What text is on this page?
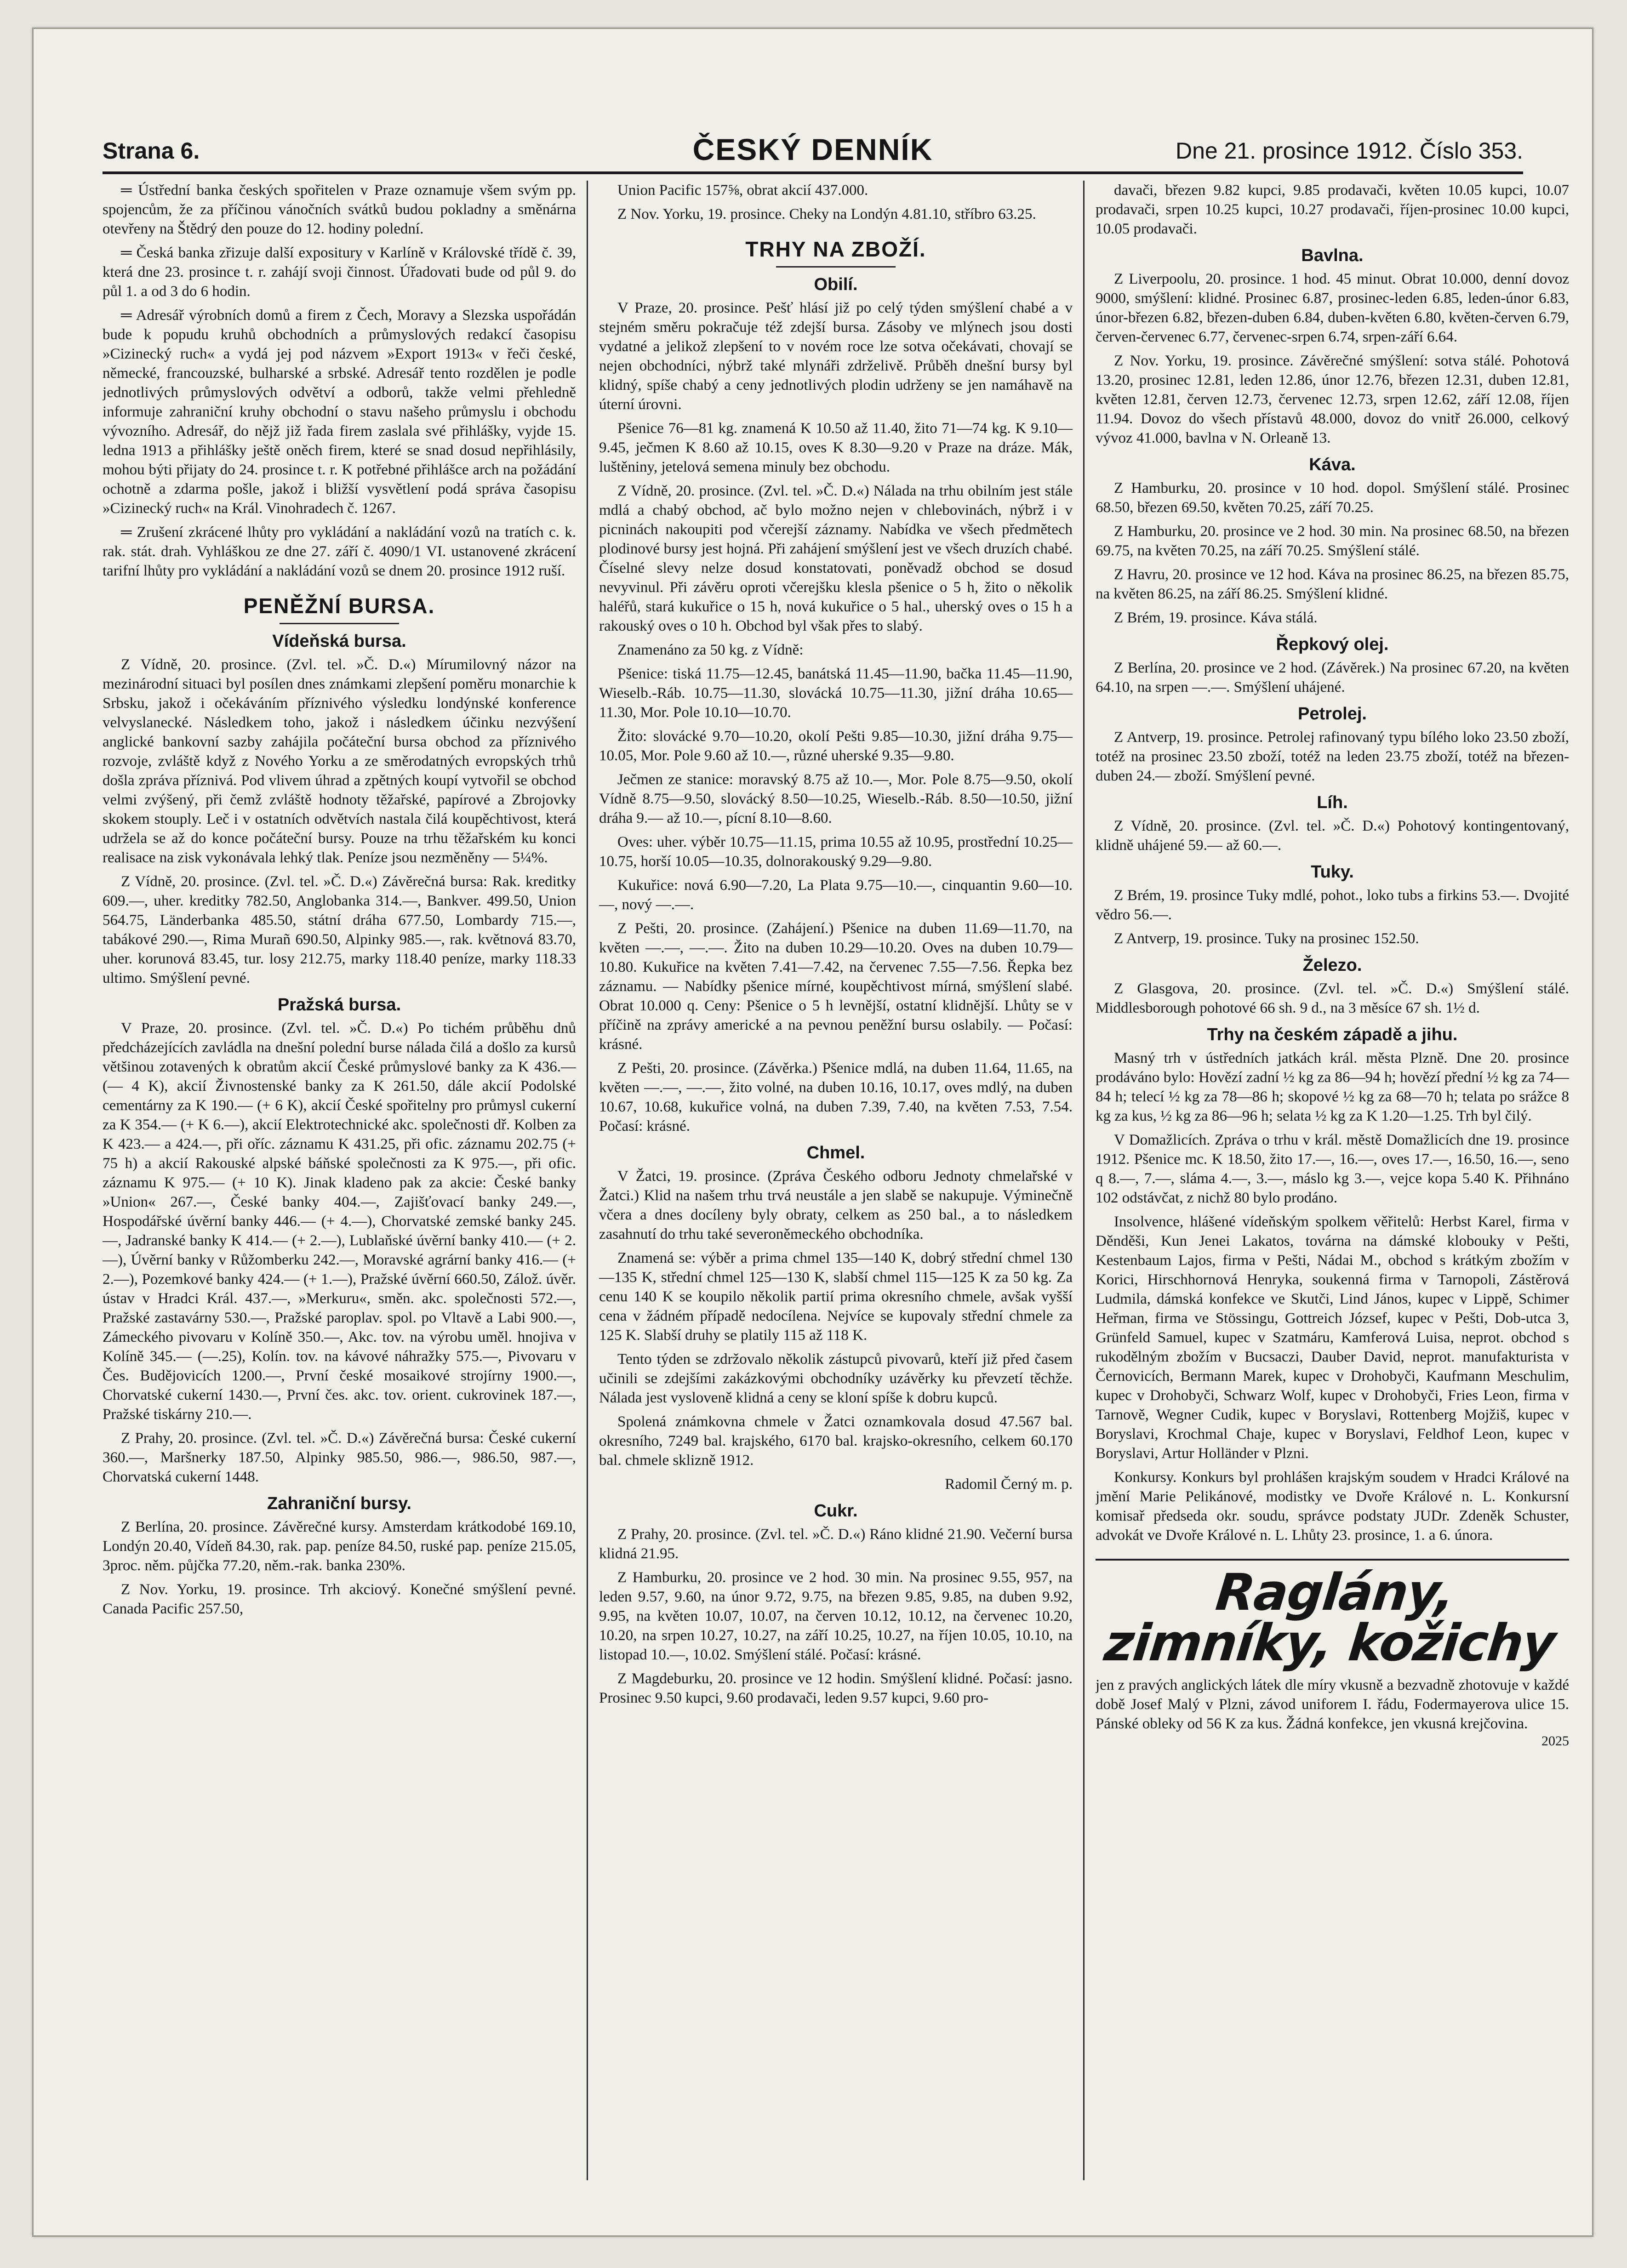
Strana 6.	ČESKÝ DENNÍK	Dne 21. prosince 1912. Číslo 353.

═ Ústřední banka českých spořitelen v Praze oznamuje všem svým pp. spojencům, že za příčinou vánočních svátků budou pokladny a směnárna otevřeny na Štědrý den pouze do 12. hodiny polední.

═ Česká banka zřizuje další expositury v Karlíně v Královské třídě č. 39, která dne 23. prosince t. r. zahájí svoji činnost. Úřadovati bude od půl 9. do půl 1. a od 3 do 6 hodin.

═ Adresář výrobních domů a firem z Čech, Moravy a Slezska uspořádán bude k popudu kruhů obchodních a průmyslových redakcí časopisu »Cizinecký ruch« a vydá jej pod názvem »Export 1913« v řeči české, německé, francouzské, bulharské a srbské. Adresář tento rozdělen je podle jednotlivých průmyslových odvětví a odborů, takže velmi přehledně informuje zahraniční kruhy obchodní o stavu našeho průmyslu i obchodu vývozního. Adresář, do nějž již řada firem zaslala své přihlášky, vyjde 15. ledna 1913 a přihlášky ještě oněch firem, které se snad dosud nepřihlásily, mohou býti přijaty do 24. prosince t. r. K potřebné přihlášce arch na požádání ochotně a zdarma pošle, jakož i bližší vysvětlení podá správa časopisu »Cizinecký ruch« na Král. Vinohradech č. 1267.

═ Zrušení zkrácené lhůty pro vykládání a nakládání vozů na tratích c. k. rak. stát. drah. Vyhláškou ze dne 27. září č. 4090/1 VI. ustanovené zkrácení tarifní lhůty pro vykládání a nakládání vozů se dnem 20. prosince 1912 ruší.

PENĚŽNÍ BURSA.
Vídeňská bursa.

Z Vídně, 20. prosince. (Zvl. tel. »Č. D.«) Mírumilovný názor na mezinárodní situaci byl posílen dnes známkami zlepšení poměru monarchie k Srbsku, jakož i očekáváním příznivého výsledku londýnské konference velvyslanecké. Následkem toho, jakož i následkem účinku nezvýšení anglické bankovní sazby zahájila počáteční bursa obchod za příznivého rozvoje, zvláště když z Nového Yorku a ze směrodatných evropských trhů došla zpráva příznivá. Pod vlivem úhrad a zpětných koupí vytvořil se obchod velmi zvýšený, při čemž zvláště hodnoty těžařské, papírové a Zbrojovky skokem stouply. Leč i v ostatních odvětvích nastala čilá koupěchtivost, která udržela se až do konce počáteční bursy. Pouze na trhu těžařském ku konci realisace na zisk vykonávala lehký tlak. Peníze jsou nezměněny — 5¼%.

Z Vídně, 20. prosince. (Zvl. tel. »Č. D.«) Závěrečná bursa: Rak. kreditky 609.—, uher. kreditky 782.50, Anglobanka 314.—, Bankver. 499.50, Union 564.75, Länderbanka 485.50, státní dráha 677.50, Lombardy 715.—, tabákové 290.—, Rima Murañ 690.50, Alpinky 985.—, rak. květnová 83.70, uher. korunová 83.45, tur. losy 212.75, marky 118.40 peníze, marky 118.33 ultimo. Smýšlení pevné.

Pražská bursa.

V Praze, 20. prosince. (Zvl. tel. »Č. D.«) Po tichém průběhu dnů předcházejících zavládla na dnešní polední burse nálada čilá a došlo za kursů většinou zotavených k obratům akcií České průmyslové banky za K 436.— (— 4 K), akcií Živnostenské banky za K 261.50, dále akcií Podolské cementárny za K 190.— (+ 6 K), akcií České spořitelny pro průmysl cukerní za K 354.— (+ K 6.—), akcií Elektrotechnické akc. společnosti dř. Kolben za K 423.— a 424.—, při oříc. záznamu K 431.25, při ofic. záznamu 202.75 (+ 75 h) a akcií Rakouské alpské báňské společnosti za K 975.—, při ofic. záznamu K 975.— (+ 10 K). Jinak kladeno pak za akcie: České banky »Union« 267.—, České banky 404.—, Zajišťovací banky 249.—, Hospodářské úvěrní banky 446.— (+ 4.—), Chorvatské zemské banky 245.—, Jadranské banky K 414.— (+ 2.—), Lublaňské úvěrní banky 410.— (+ 2.—), Úvěrní banky v Růžomberku 242.—, Moravské agrární banky 416.— (+ 2.—), Pozemkové banky 424.— (+ 1.—), Pražské úvěrní 660.50, Zálož. úvěr. ústav v Hradci Král. 437.—, »Merkuru«, směn. akc. společnosti 572.—, Pražské zastavárny 530.—, Pražské paroplav. spol. po Vltavě a Labi 900.—, Zámeckého pivovaru v Kolíně 350.—, Akc. tov. na výrobu uměl. hnojiva v Kolíně 345.— (—.25), Kolín. tov. na kávové náhražky 575.—, Pivovaru v Čes. Budějovicích 1200.—, První české mosaikové strojírny 1900.—, Chorvatské cukerní 1430.—, První čes. akc. tov. orient. cukrovinek 187.—, Pražské tiskárny 210.—.

Z Prahy, 20. prosince. (Zvl. tel. »Č. D.«) Závěrečná bursa: České cukerní 360.—, Maršnerky 187.50, Alpinky 985.50, 986.—, 986.50, 987.—, Chorvatská cukerní 1448.

Zahraniční bursy.

Z Berlína, 20. prosince. Závěrečné kursy. Amsterdam krátkodobé 169.10, Londýn 20.40, Vídeň 84.30, rak. pap. peníze 84.50, ruské pap. peníze 215.05, 3proc. něm. půjčka 77.20, něm.-rak. banka 230%.

Z Nov. Yorku, 19. prosince. Trh akciový. Konečné smýšlení pevné. Canada Pacific 257.50,

Union Pacific 157⅝, obrat akcií 437.000.

Z Nov. Yorku, 19. prosince. Cheky na Londýn 4.81.10, stříbro 63.25.

TRHY NA ZBOŽÍ.
Obilí.

V Praze, 20. prosince. Pešť hlásí již po celý týden smýšlení chabé a v stejném směru pokračuje též zdejší bursa. Zásoby ve mlýnech jsou dosti vydatné a jelikož zlepšení to v novém roce lze sotva očekávati, chovají se nejen obchodníci, nýbrž také mlynáři zdrželivě. Průběh dnešní bursy byl klidný, spíše chabý a ceny jednotlivých plodin udrženy se jen namáhavě na úterní úrovni.

Pšenice 76—81 kg. znamená K 10.50 až 11.40, žito 71—74 kg. K 9.10—9.45, ječmen K 8.60 až 10.15, oves K 8.30—9.20 v Praze na dráze. Mák, luštěniny, jetelová semena minuly bez obchodu.

Z Vídně, 20. prosince. (Zvl. tel. »Č. D.«) Nálada na trhu obilním jest stále mdlá a chabý obchod, ač bylo možno nejen v chlebovinách, nýbrž i v picninách nakoupiti pod včerejší záznamy. Nabídka ve všech předmětech plodinové bursy jest hojná. Při zahájení smýšlení jest ve všech druzích chabé. Číselné slevy nelze dosud konstatovati, poněvadž obchod se dosud nevyvinul. Při závěru oproti včerejšku klesla pšenice o 5 h, žito o několik haléřů, stará kukuřice o 15 h, nová kukuřice o 5 hal., uherský oves o 15 h a rakouský oves o 10 h. Obchod byl však přes to slabý.

Znamenáno za 50 kg. z Vídně:

Pšenice: tiská 11.75—12.45, banátská 11.45—11.90, bačka 11.45—11.90, Wieselb.-Ráb. 10.75—11.30, slovácká 10.75—11.30, jižní dráha 10.65—11.30, Mor. Pole 10.10—10.70.

Žito: slovácké 9.70—10.20, okolí Pešti 9.85—10.30, jižní dráha 9.75—10.05, Mor. Pole 9.60 až 10.—, různé uherské 9.35—9.80.

Ječmen ze stanice: moravský 8.75 až 10.—, Mor. Pole 8.75—9.50, okolí Vídně 8.75—9.50, slovácký 8.50—10.25, Wieselb.-Ráb. 8.50—10.50, jižní dráha 9.— až 10.—, pícní 8.10—8.60.

Oves: uher. výběr 10.75—11.15, prima 10.55 až 10.95, prostřední 10.25—10.75, horší 10.05—10.35, dolnorakouský 9.29—9.80.

Kukuřice: nová 6.90—7.20, La Plata 9.75—10.—, cinquantin 9.60—10.—, nový —.—.

Z Pešti, 20. prosince. (Zahájení.) Pšenice na duben 11.69—11.70, na květen —.—, —.—. Žito na duben 10.29—10.20. Oves na duben 10.79—10.80. Kukuřice na květen 7.41—7.42, na červenec 7.55—7.56. Řepka bez záznamu. — Nabídky pšenice mírné, koupěchtivost mírná, smýšlení slabé. Obrat 10.000 q. Ceny: Pšenice o 5 h levnější, ostatní klidnější. Lhůty se v příčině na zprávy americké a na pevnou peněžní bursu oslabily. — Počasí: krásné.

Z Pešti, 20. prosince. (Závěrka.) Pšenice mdlá, na duben 11.64, 11.65, na květen —.—, —.—, žito volné, na duben 10.16, 10.17, oves mdlý, na duben 10.67, 10.68, kukuřice volná, na duben 7.39, 7.40, na květen 7.53, 7.54. Počasí: krásné.

Chmel.

V Žatci, 19. prosince. (Zpráva Českého odboru Jednoty chmelařské v Žatci.) Klid na našem trhu trvá neustále a jen slabě se nakupuje. Výminečně včera a dnes docíleny byly obraty, celkem as 250 bal., a to následkem zasahnutí do trhu také severoněmeckého obchodníka.

Znamená se: výběr a prima chmel 135—140 K, dobrý střední chmel 130—135 K, střední chmel 125—130 K, slabší chmel 115—125 K za 50 kg. Za cenu 140 K se koupilo několik partií prima okresního chmele, avšak vyšší cena v žádném případě nedocílena. Nejvíce se kupovaly střední chmele za 125 K. Slabší druhy se platily 115 až 118 K.

Tento týden se zdržovalo několik zástupců pivovarů, kteří již před časem učinili se zdejšími zakázkovými obchodníky uzávěrky ku převzetí těchže. Nálada jest vysloveně klidná a ceny se kloní spíše k dobru kupců.

Spolená známkovna chmele v Žatci oznamkovala dosud 47.567 bal. okresního, 7249 bal. krajského, 6170 bal. krajsko-okresního, celkem 60.170 bal. chmele sklizně 1912.

Radomil Černý m. p.

Cukr.

Z Prahy, 20. prosince. (Zvl. tel. »Č. D.«) Ráno klidné 21.90. Večerní bursa klidná 21.95.

Z Hamburku, 20. prosince ve 2 hod. 30 min. Na prosinec 9.55, 957, na leden 9.57, 9.60, na únor 9.72, 9.75, na březen 9.85, 9.85, na duben 9.92, 9.95, na květen 10.07, 10.07, na červen 10.12, 10.12, na červenec 10.20, 10.20, na srpen 10.27, 10.27, na září 10.25, 10.27, na říjen 10.05, 10.10, na listopad 10.—, 10.02. Smýšlení stálé. Počasí: krásné.

Z Magdeburku, 20. prosince ve 12 hodin. Smýšlení klidné. Počasí: jasno. Prosinec 9.50 kupci, 9.60 prodavači, leden 9.57 kupci, 9.60 pro-

davači, březen 9.82 kupci, 9.85 prodavači, květen 10.05 kupci, 10.07 prodavači, srpen 10.25 kupci, 10.27 prodavači, říjen-prosinec 10.00 kupci, 10.05 prodavači.

Bavlna.

Z Liverpoolu, 20. prosince. 1 hod. 45 minut. Obrat 10.000, denní dovoz 9000, smýšlení: klidné. Prosinec 6.87, prosinec-leden 6.85, leden-únor 6.83, únor-březen 6.82, březen-duben 6.84, duben-květen 6.80, květen-červen 6.79, červen-červenec 6.77, červenec-srpen 6.74, srpen-září 6.64.

Z Nov. Yorku, 19. prosince. Závěrečné smýšlení: sotva stálé. Pohotová 13.20, prosinec 12.81, leden 12.86, únor 12.76, březen 12.31, duben 12.81, květen 12.81, červen 12.73, červenec 12.73, srpen 12.62, září 12.08, říjen 11.94. Dovoz do všech přístavů 48.000, dovoz do vnitř 26.000, celkový vývoz 41.000, bavlna v N. Orleaně 13.

Káva.

Z Hamburku, 20. prosince v 10 hod. dopol. Smýšlení stálé. Prosinec 68.50, březen 69.50, květen 70.25, září 70.25.

Z Hamburku, 20. prosince ve 2 hod. 30 min. Na prosinec 68.50, na březen 69.75, na květen 70.25, na září 70.25. Smýšlení stálé.

Z Havru, 20. prosince ve 12 hod. Káva na prosinec 86.25, na březen 85.75, na květen 86.25, na září 86.25. Smýšlení klidné.

Z Brém, 19. prosince. Káva stálá.

Řepkový olej.

Z Berlína, 20. prosince ve 2 hod. (Závěrek.) Na prosinec 67.20, na květen 64.10, na srpen —.—. Smýšlení uhájené.

Petrolej.

Z Antverp, 19. prosince. Petrolej rafinovaný typu bílého loko 23.50 zboží, totéž na prosinec 23.50 zboží, totéž na leden 23.75 zboží, totéž na březen-duben 24.— zboží. Smýšlení pevné.

Líh.

Z Vídně, 20. prosince. (Zvl. tel. »Č. D.«) Pohotový kontingentovaný, klidně uhájené 59.— až 60.—.

Tuky.

Z Brém, 19. prosince Tuky mdlé, pohot., loko tubs a firkins 53.—. Dvojité vědro 56.—.

Z Antverp, 19. prosince. Tuky na prosinec 152.50.

Železo.

Z Glasgova, 20. prosince. (Zvl. tel. »Č. D.«) Smýšlení stálé. Middlesborough pohotové 66 sh. 9 d., na 3 měsíce 67 sh. 1½ d.

Trhy na českém západě a jihu.

Masný trh v ústředních jatkách král. města Plzně. Dne 20. prosince prodáváno bylo: Hovězí zadní ½ kg za 86—94 h; hovězí přední ½ kg za 74—84 h; telecí ½ kg za 78—86 h; skopové ½ kg za 68—70 h; telata po srážce 8 kg za kus, ½ kg za 86—96 h; selata ½ kg za K 1.20—1.25. Trh byl čilý.

V Domažlicích. Zpráva o trhu v král. městě Domažlicích dne 19. prosince 1912. Pšenice mc. K 18.50, žito 17.—, 16.—, oves 17.—, 16.50, 16.—, seno q 8.—, 7.—, sláma 4.—, 3.—, máslo kg 3.—, vejce kopa 5.40 K. Přihnáno 102 odstávčat, z nichž 80 bylo prodáno.

Insolvence, hlášené vídeňským spolkem věřitelů: Herbst Karel, firma v Děnděši, Kun Jenei Lakatos, továrna na dámské klobouky v Pešti, Kestenbaum Lajos, firma v Pešti, Nádai M., obchod s krátkým zbožím v Korici, Hirschhornová Henryka, soukenná firma v Tarnopoli, Zástěrová Ludmila, dámská konfekce ve Skutči, Lind János, kupec v Lippě, Schimer Heřman, firma ve Stössingu, Gottreich József, kupec v Pešti, Dob-utca 3, Grünfeld Samuel, kupec v Szatmáru, Kamferová Luisa, neprot. obchod s rukodělným zbožím v Bucsaczi, Dauber David, neprot. manufakturista v Černovicích, Bermann Marek, kupec v Drohobyči, Kaufmann Meschulim, kupec v Drohobyči, Schwarz Wolf, kupec v Drohobyči, Fries Leon, firma v Tarnově, Wegner Cudik, kupec v Boryslavi, Rottenberg Mojžiš, kupec v Boryslavi, Krochmal Chaje, kupec v Boryslavi, Feldhof Leon, kupec v Boryslavi, Artur Holländer v Plzni.

Konkursy. Konkurs byl prohlášen krajským soudem v Hradci Králové na jmění Marie Pelikánové, modistky ve Dvoře Králové n. L. Konkursní komisař předseda okr. soudu, správce podstaty JUDr. Zdeněk Schuster, advokát ve Dvoře Králové n. L. Lhůty 23. prosince, 1. a 6. února.

Raglány, zimníky, kožichy
jen z pravých anglických látek dle míry vkusně a bezvadně zhotovuje v každé době Josef Malý v Plzni, závod uniforem I. řádu, Fodermayerova ulice 15. Pánské obleky od 56 K za kus. Žádná konfekce, jen vkusná krejčovina.
2025
